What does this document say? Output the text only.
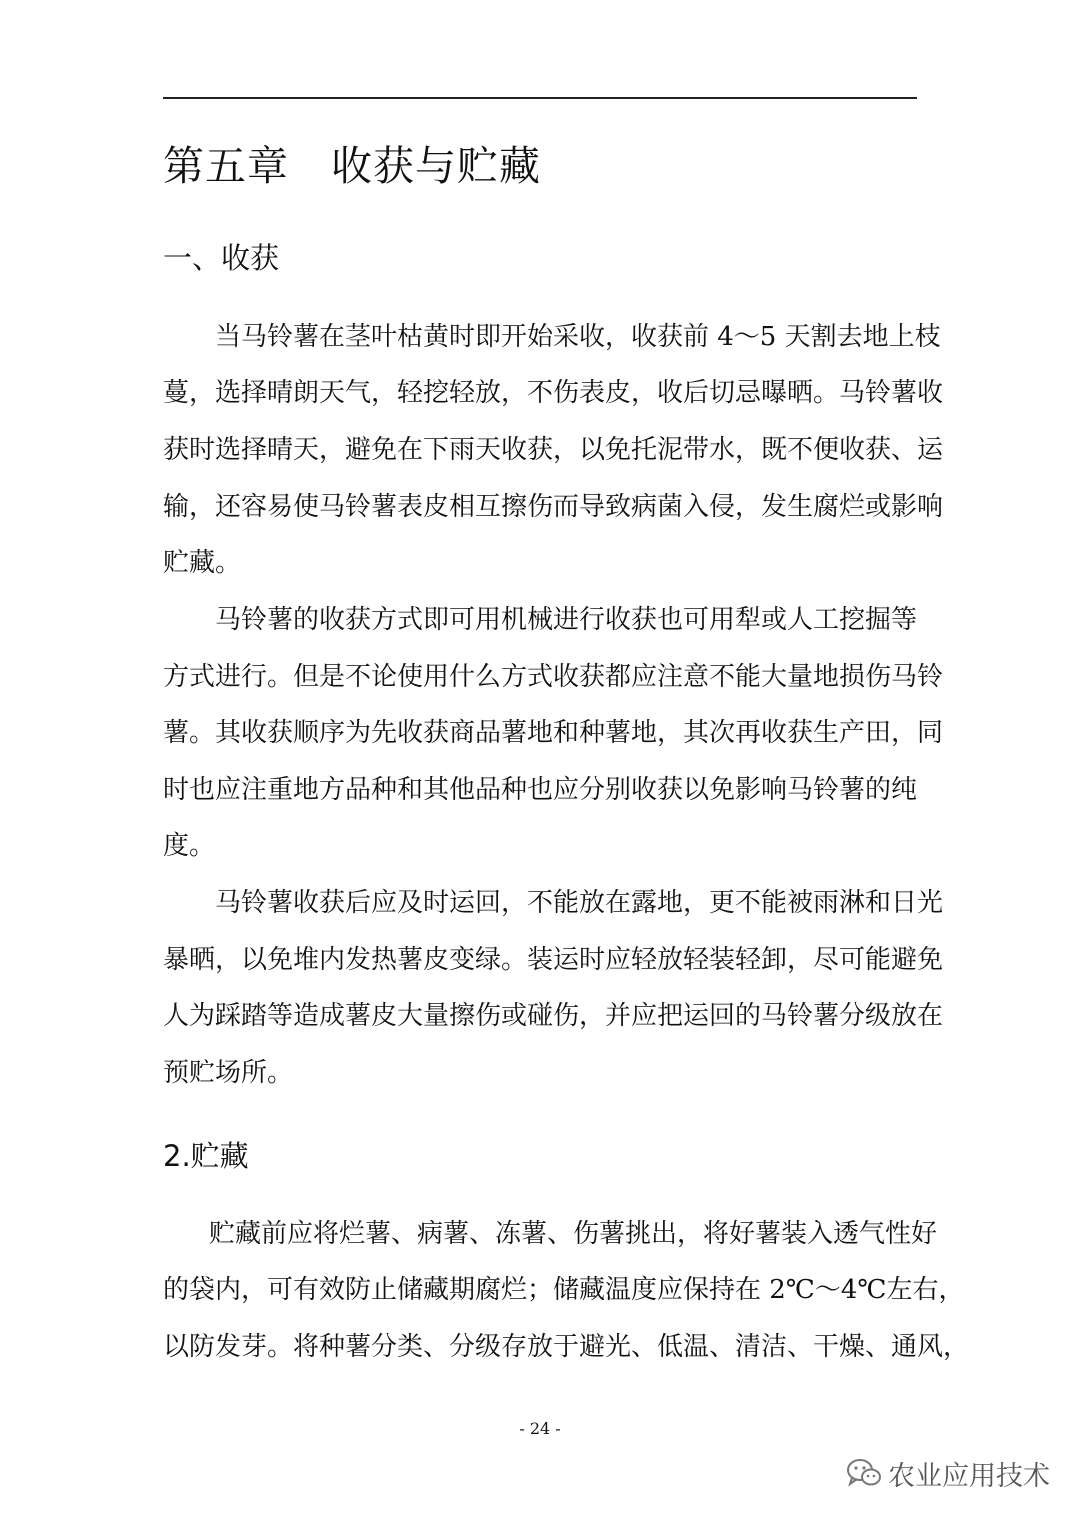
第五章　收获与贮藏
一、收获

当马铃薯在茎叶枯黄时即开始采收，收获前 4～5 天割去地上枝

蔓，选择晴朗天气，轻挖轻放，不伤表皮，收后切忌曝晒。马铃薯收

获时选择晴天，避免在下雨天收获，以免托泥带水，既不便收获、运

输，还容易使马铃薯表皮相互擦伤而导致病菌入侵，发生腐烂或影响

贮藏。

马铃薯的收获方式即可用机械进行收获也可用犁或人工挖掘等

方式进行。但是不论使用什么方式收获都应注意不能大量地损伤马铃

薯。其收获顺序为先收获商品薯地和种薯地，其次再收获生产田，同

时也应注重地方品种和其他品种也应分别收获以免影响马铃薯的纯

度。

马铃薯收获后应及时运回，不能放在露地，更不能被雨淋和日光

暴晒，以免堆内发热薯皮变绿。装运时应轻放轻装轻卸，尽可能避免

人为踩踏等造成薯皮大量擦伤或碰伤，并应把运回的马铃薯分级放在

预贮场所。

2.贮藏

贮藏前应将烂薯、病薯、冻薯、伤薯挑出，将好薯装入透气性好

的袋内，可有效防止储藏期腐烂；储藏温度应保持在 2℃～4℃左右，

以防发芽。将种薯分类、分级存放于避光、低温、清洁、干燥、通风，

- 24 -
农业应用技术
